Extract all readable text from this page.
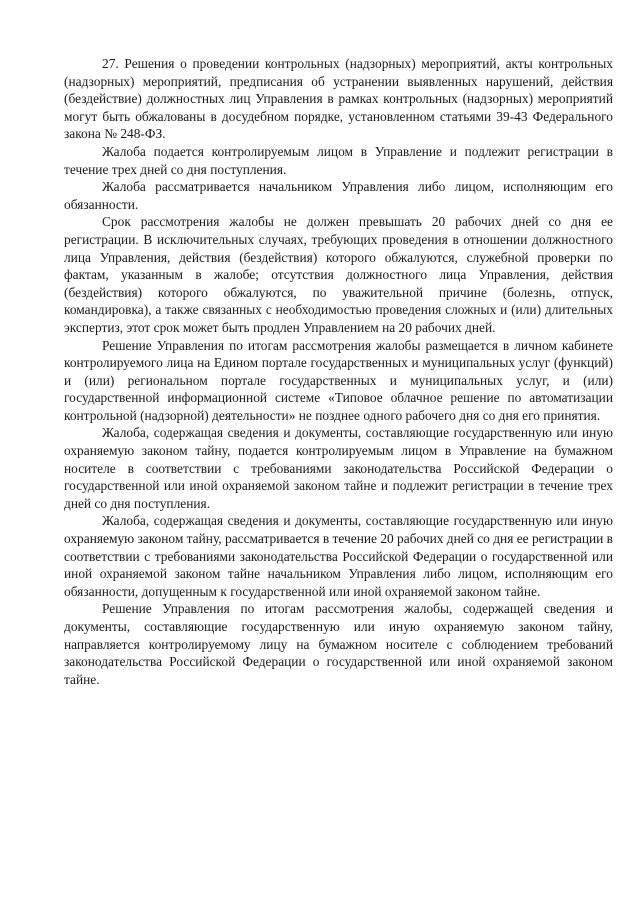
27. Решения о проведении контрольных (надзорных) мероприятий, акты контрольных (надзорных) мероприятий, предписания об устранении выявленных нарушений, действия (бездействие) должностных лиц Управления в рамках контрольных (надзорных) мероприятий могут быть обжалованы в досудебном порядке, установленном статьями 39-43 Федерального закона № 248-ФЗ.

Жалоба подается контролируемым лицом в Управление и подлежит регистрации в течение трех дней со дня поступления.

Жалоба рассматривается начальником Управления либо лицом, исполняющим его обязанности.

Срок рассмотрения жалобы не должен превышать 20 рабочих дней со дня ее регистрации. В исключительных случаях, требующих проведения в отношении должностного лица Управления, действия (бездействия) которого обжалуются, служебной проверки по фактам, указанным в жалобе; отсутствия должностного лица Управления, действия (бездействия) которого обжалуются, по уважительной причине (болезнь, отпуск, командировка), а также связанных с необходимостью проведения сложных и (или) длительных экспертиз, этот срок может быть продлен Управлением на 20 рабочих дней.

Решение Управления по итогам рассмотрения жалобы размещается в личном кабинете контролируемого лица на Едином портале государственных и муниципальных услуг (функций) и (или) региональном портале государственных и муниципальных услуг, и (или) государственной информационной системе «Типовое облачное решение по автоматизации контрольной (надзорной) деятельности» не позднее одного рабочего дня со дня его принятия.

Жалоба, содержащая сведения и документы, составляющие государственную или иную охраняемую законом тайну, подается контролируемым лицом в Управление на бумажном носителе в соответствии с требованиями законодательства Российской Федерации о государственной или иной охраняемой законом тайне и подлежит регистрации в течение трех дней со дня поступления.

Жалоба, содержащая сведения и документы, составляющие государственную или иную охраняемую законом тайну, рассматривается в течение 20 рабочих дней со дня ее регистрации в соответствии с требованиями законодательства Российской Федерации о государственной или иной охраняемой законом тайне начальником Управления либо лицом, исполняющим его обязанности, допущенным к государственной или иной охраняемой законом тайне.

Решение Управления по итогам рассмотрения жалобы, содержащей сведения и документы, составляющие государственную или иную охраняемую законом тайну, направляется контролируемому лицу на бумажном носителе с соблюдением требований законодательства Российской Федерации о государственной или иной охраняемой законом тайне.
